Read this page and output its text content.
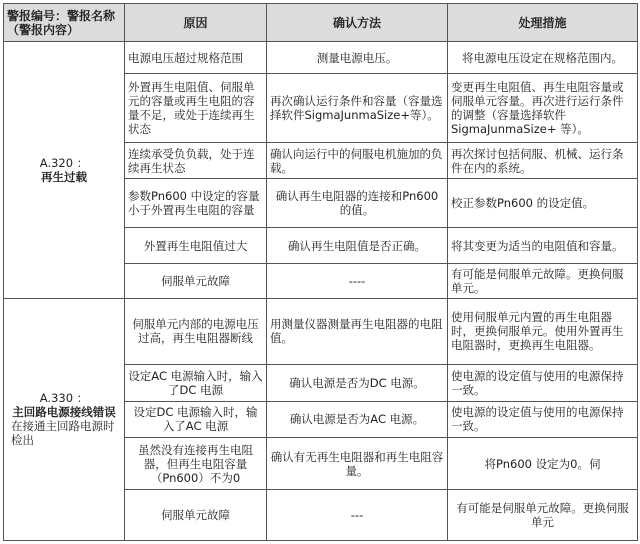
警报编号：警报名称（警报内容）	原因	确认方法	处理措施

A.320 ：
再生过载	电源电压超过规格范围	测量电源电压。	将电源电压设定在规格范围内。
	外置再生电阻值、伺服单元的容量或再生电阻的容量不足，或处于连续再生状态	再次确认运行条件和容量（容量选择软件SigmaJunmaSize+等）。	变更再生电阻值、再生电阻容量或伺服单元容量。再次进行运行条件的调整（容量选择软件SigmaJunmaSize+ 等）。
	连续承受负负载，处于连续再生状态	确认向运行中的伺服电机施加的负载。	再次探讨包括伺服、机械、运行条件在内的系统。
	参数Pn600 中设定的容量小于外置再生电阻的容量	确认再生电阻器的连接和Pn600 的值。	校正参数Pn600 的设定值。
	外置再生电阻值过大	确认再生电阻值是否正确。	将其变更为适当的电阻值和容量。
	伺服单元故障	----	有可能是伺服单元故障。更换伺服单元。

A.330 ：
主回路电源接线错误
在接通主回路电源时检出	伺服单元内部的电源电压过高，再生电阻器断线	用测量仪器测量再生电阻器的电阻值。	使用伺服单元内置的再生电阻器时，更换伺服单元。使用外置再生电阻器时，更换再生电阻器。
	设定AC 电源输入时，输入了DC 电源	确认电源是否为DC 电源。	使电源的设定值与使用的电源保持一致。
	设定DC 电源输入时，输入了AC 电源	确认电源是否为AC 电源。	使电源的设定值与使用的电源保持一致。
	虽然没有连接再生电阻器，但再生电阻容量（Pn600）不为0	确认有无再生电阻器和再生电阻容量。	将Pn600 设定为0。伺
	伺服单元故障	---	有可能是伺服单元故障。更换伺服单元
